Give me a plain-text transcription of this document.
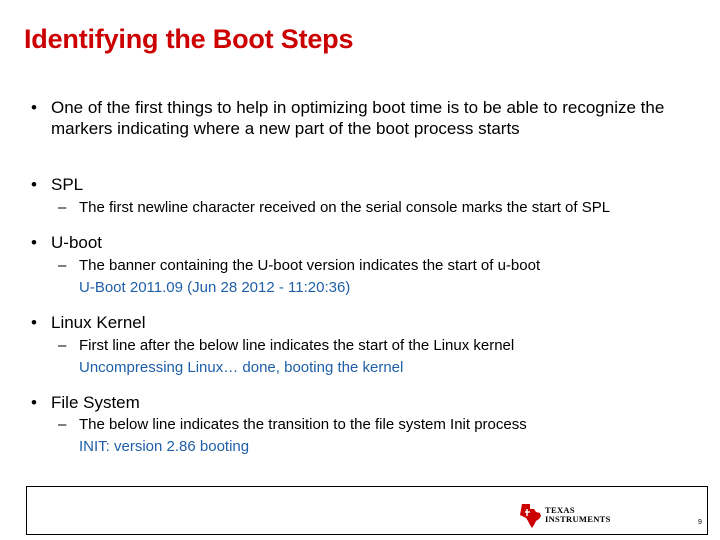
Identifying the Boot Steps
• One of the first things to help in optimizing boot time is to be able to recognize the markers indicating where a new part of the boot process starts
• SPL
– The first newline character received on the serial console marks the start of SPL
• U-boot
– The banner containing the U-boot version indicates the start of u-boot
U-Boot 2011.09 (Jun 28 2012 - 11:20:36)
• Linux Kernel
– First line after the below line indicates the start of the Linux kernel
Uncompressing Linux… done, booting the kernel
• File System
– The below line indicates the transition to the file system Init process
INIT: version 2.86 booting
TEXAS
INSTRUMENTS	9
